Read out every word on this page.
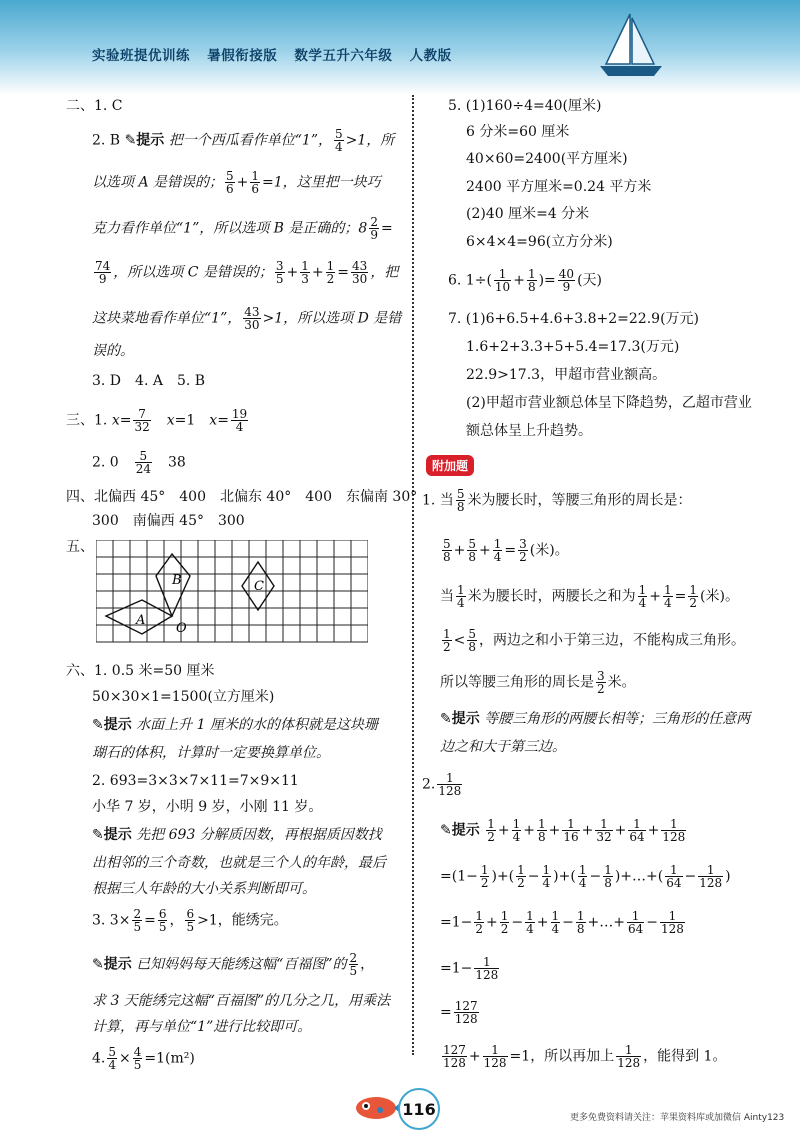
实验班提优训练 暑假衔接版 数学五升六年级 人教版
二、1. C
2. B ✎提示 把一个西瓜看作单位“1”， $\frac{5}{4} >1$，所
以选项 A 是错误的； $\frac{5}{6} + \frac{1}{6} =1$，这里把一块巧
克力看作单位“1”，所以选项 B 是正确的；$8 \frac{2}{9}$ =
$\frac{74}{9}$ ，所以选项 C 是错误的； $\frac{3}{5} + \frac{1}{3} + \frac{1}{2} = \frac{43}{30}$ ，把
这块菜地看作单位“1”， $\frac{43}{30} >1$，所以选项 D 是错
误的。
3. D　4. A　5. B
三、1. $x= \frac{7}{32}$
　 x=1　$x= \frac{19}{4}$
2. 0　 $\frac{5}{24}$
　 38
四、北偏西 45°　400　北偏东 40°　400　东偏南 30°
300　南偏西 45°　300
五、
A
B	C
O
六、1. 0.5 米=50 厘米
50×30×1=1500(立方厘米)
✎提示 水面上升 1 厘米的水的体积就是这块珊
瑚石的体积，计算时一定要换算单位。
2. 693=3×3×7×11=7×9×11
小华 7 岁，小明 9 岁，小刚 11 岁。
✎提示 先把 693 分解质因数，再根据质因数找
出相邻的三个奇数，也就是三个人的年龄，最后
根据三人年龄的大小关系判断即可。
3. $3\times \frac{2}{5} = \frac{6}{5}$ ， $\frac{6}{5} >1$，能绣完。
✎提示 已知妈妈每天能绣这幅“百福图”的 $\frac{2}{5}$ ，
求 3 天能绣完这幅“百福图”的几分之几，用乘法
计算，再与单位“1”进行比较即可。
4. $\frac{5}{4} \times \frac{4}{5} =1(m^2)$
5. (1)160÷4=40(厘米)
6 分米=60 厘米
40×60=2400(平方厘米)
2400 平方厘米=0.24 平方米
(2)40 厘米=4 分米
6×4×4=96(立方分米)
6. $1\div( \frac{1}{10} + \frac{1}{8}$ )= $\frac{40}{9}$ (天)
7. (1)6+6.5+4.6+3.8+2=22.9(万元)
1.6+2+3.3+5+5.4=17.3(万元)
22.9>17.3，甲超市营业额高。
(2)甲超市营业额总体呈下降趋势，乙超市营业
额总体呈上升趋势。
附加题
1. 当 $\frac{5}{8}$ 米为腰长时，等腰三角形的周长是：
$\frac{5}{8} + \frac{5}{8} + \frac{1}{4} = \frac{3}{2}$ (米)。
当 $\frac{1}{4}$ 米为腰长时，两腰长之和为 $\frac{1}{4} + \frac{1}{4} = \frac{1}{2}$ (米)。
$\frac{1}{2} < \frac{5}{8}$ ，两边之和小于第三边，不能构成三角形。
所以等腰三角形的周长是 $\frac{3}{2}$ 米。
✎提示 等腰三角形的两腰长相等；三角形的任意两
边之和大于第三边。
2. $\frac{1}{128}$
✎提示 $\frac{1}{2} + \frac{1}{4} + \frac{1}{8} + \frac{1}{16} + \frac{1}{32} + \frac{1}{64} + \frac{1}{128}$
$=(1- \frac{1}{2}$ )+( $\frac{1}{2} - \frac{1}{4}$ )+( $\frac{1}{4} - \frac{1}{8}$ )+…+( $\frac{1}{64} - \frac{1}{128}$ )
$=1- \frac{1}{2} + \frac{1}{2} - \frac{1}{4} + \frac{1}{4} - \frac{1}{8}$ +…+ $\frac{1}{64} - \frac{1}{128}$
$=1- \frac{1}{128}$
= $\frac{127}{128}$
$\frac{127}{128} + \frac{1}{128} =1$，所以再加上 $\frac{1}{128}$ ，能得到 1。
116	更多免费资料请关注：苹果资料库或加微信 Ainty123
